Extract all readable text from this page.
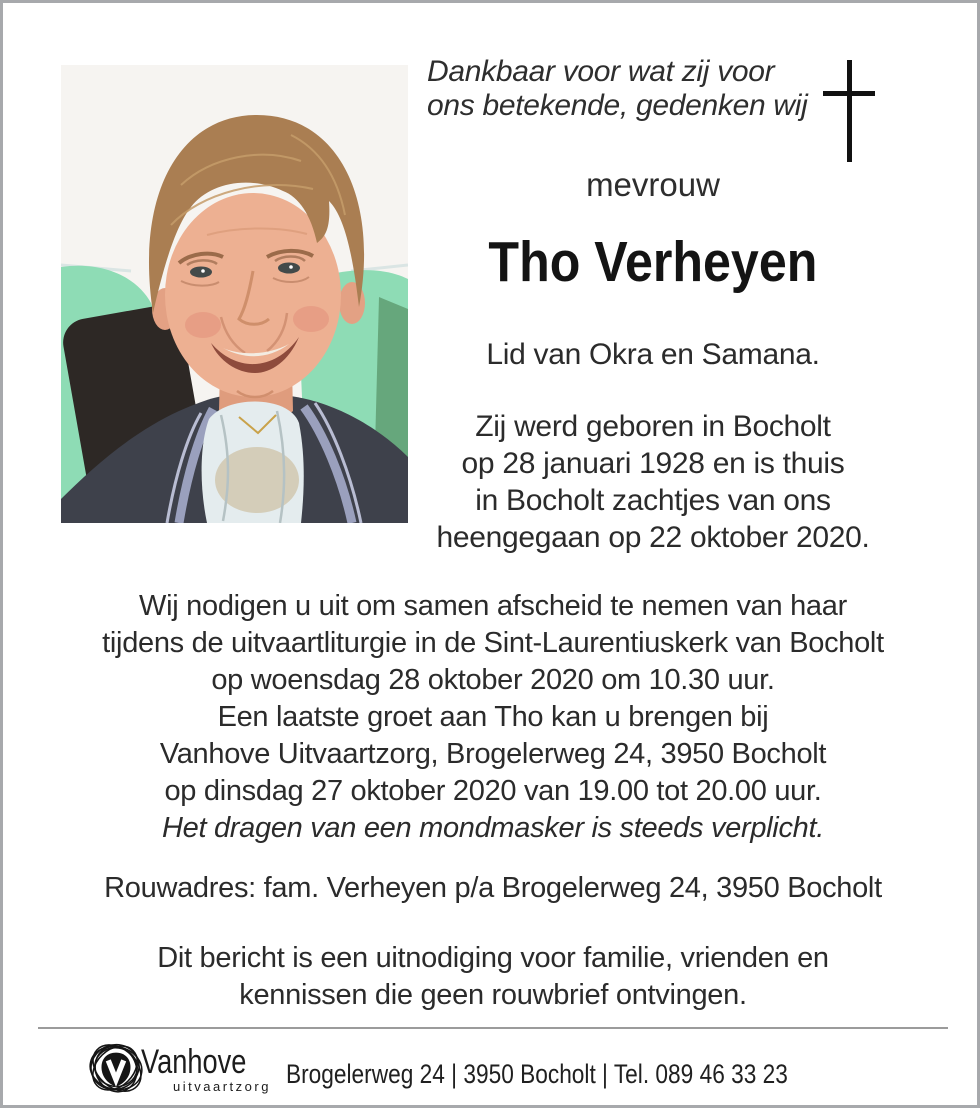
Dankbaar voor wat zij voor
ons betekende, gedenken wij
mevrouw
Tho Verheyen
Lid van Okra en Samana.
Zij werd geboren in Bocholt
op 28 januari 1928 en is thuis
in Bocholt zachtjes van ons
heengegaan op 22 oktober 2020.
Wij nodigen u uit om samen afscheid te nemen van haar
tijdens de uitvaartliturgie in de Sint-Laurentiuskerk van Bocholt
op woensdag 28 oktober 2020 om 10.30 uur.
Een laatste groet aan Tho kan u brengen bij
Vanhove Uitvaartzorg, Brogelerweg 24, 3950 Bocholt
op dinsdag 27 oktober 2020 van 19.00 tot 20.00 uur.
Het dragen van een mondmasker is steeds verplicht.
Rouwadres: fam. Verheyen p/a Brogelerweg 24, 3950 Bocholt
Dit bericht is een uitnodiging voor familie, vrienden en
kennissen die geen rouwbrief ontvingen.
Vanhove
uitvaartzorg Brogelerweg 24 | 3950 Bocholt | Tel. 089 46 33 23
